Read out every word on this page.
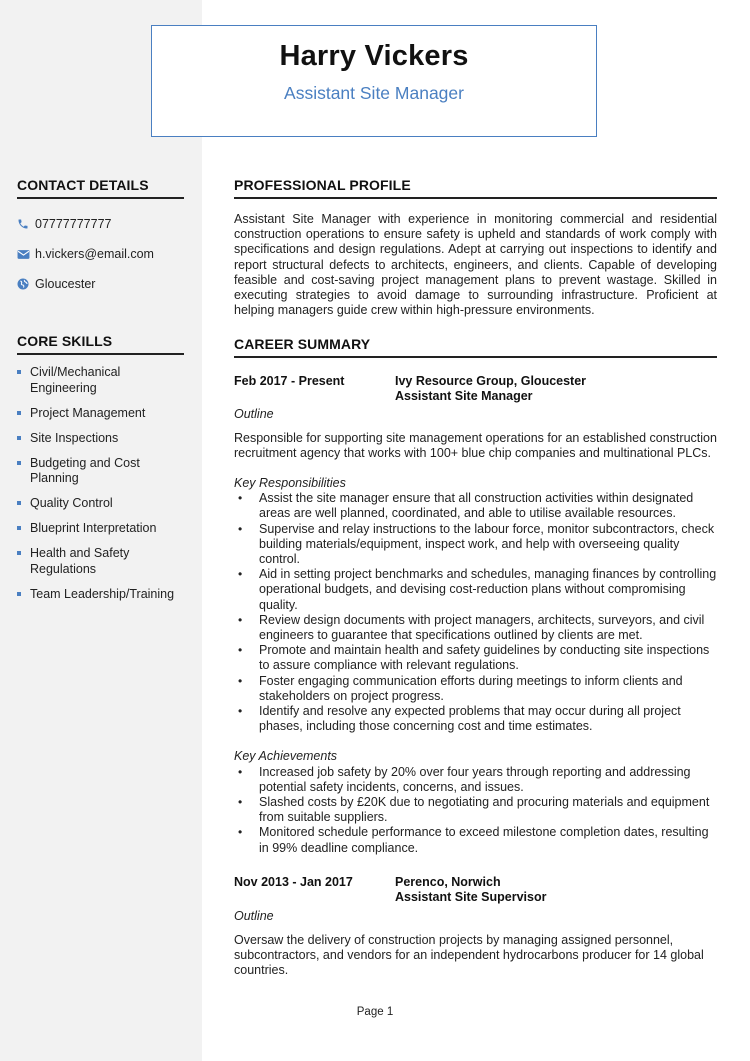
Harry Vickers
Assistant Site Manager
CONTACT DETAILS
07777777777
h.vickers@email.com
Gloucester
CORE SKILLS
Civil/Mechanical Engineering
Project Management
Site Inspections
Budgeting and Cost Planning
Quality Control
Blueprint Interpretation
Health and Safety Regulations
Team Leadership/Training
PROFESSIONAL PROFILE

Assistant Site Manager with experience in monitoring commercial and residential construction operations to ensure safety is upheld and standards of work comply with specifications and design regulations. Adept at carrying out inspections to identify and report structural defects to architects, engineers, and clients. Capable of developing feasible and cost-saving project management plans to prevent wastage. Skilled in executing strategies to avoid damage to surrounding infrastructure. Proficient at helping managers guide crew within high-pressure environments.

CAREER SUMMARY
Feb 2017 - Present	Ivy Resource Group, Gloucester
Assistant Site Manager
Outline

Responsible for supporting site management operations for an established construction recruitment agency that works with 100+ blue chip companies and multinational PLCs.

Key Responsibilities
• Assist the site manager ensure that all construction activities within designated areas are well planned, coordinated, and able to utilise available resources.
• Supervise and relay instructions to the labour force, monitor subcontractors, check building materials/equipment, inspect work, and help with overseeing quality control.
• Aid in setting project benchmarks and schedules, managing finances by controlling operational budgets, and devising cost-reduction plans without compromising quality.
• Review design documents with project managers, architects, surveyors, and civil engineers to guarantee that specifications outlined by clients are met.
• Promote and maintain health and safety guidelines by conducting site inspections to assure compliance with relevant regulations.
• Foster engaging communication efforts during meetings to inform clients and stakeholders on project progress.
• Identify and resolve any expected problems that may occur during all project phases, including those concerning cost and time estimates.
Key Achievements
• Increased job safety by 20% over four years through reporting and addressing potential safety incidents, concerns, and issues.
• Slashed costs by £20K due to negotiating and procuring materials and equipment from suitable suppliers.
• Monitored schedule performance to exceed milestone completion dates, resulting in 99% deadline compliance.
Nov 2013 - Jan 2017	Perenco, Norwich
Assistant Site Supervisor
Outline

Oversaw the delivery of construction projects by managing assigned personnel, subcontractors, and vendors for an independent hydrocarbons producer for 14 global countries.

Page 1
